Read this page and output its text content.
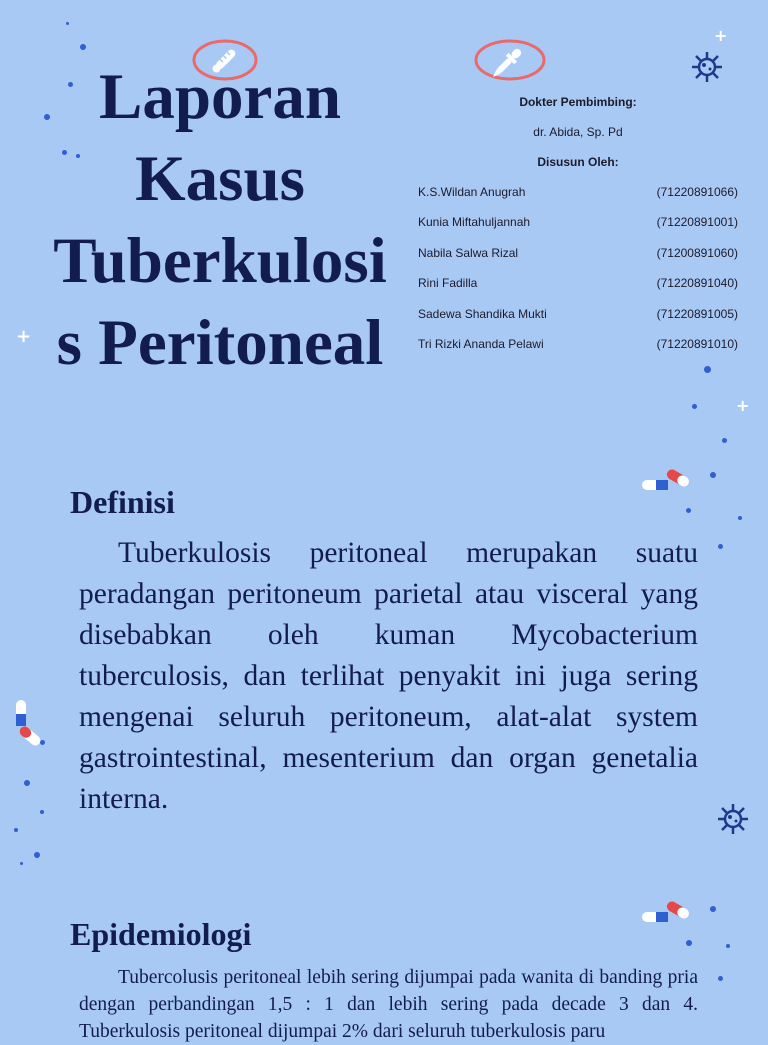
+
+
+
Laporan
Kasus
Tuberkulosi
s Peritoneal
Dokter Pembimbing:
dr. Abida, Sp. Pd
Disusun Oleh:
K.S.Wildan Anugrah	(71220891066)
Kunia Miftahuljannah	(71220891001)
Nabila Salwa Rizal	(71200891060)
Rini Fadilla	(71220891040)
Sadewa Shandika Mukti	(71220891005)
Tri Rizki Ananda Pelawi	(71220891010)
Definisi
Tuberkulosis peritoneal merupakan suatu peradangan peritoneum parietal atau visceral yang disebabkan oleh kuman Mycobacterium tuberculosis, dan terlihat penyakit ini juga sering mengenai seluruh peritoneum, alat-alat system gastrointestinal, mesenterium dan organ genetalia interna.
Epidemiologi
Tubercolusis peritoneal lebih sering dijumpai pada wanita di banding pria dengan perbandingan 1,5 : 1 dan lebih sering pada decade 3 dan 4. Tuberkulosis peritoneal dijumpai 2% dari seluruh tuberkulosis paru
